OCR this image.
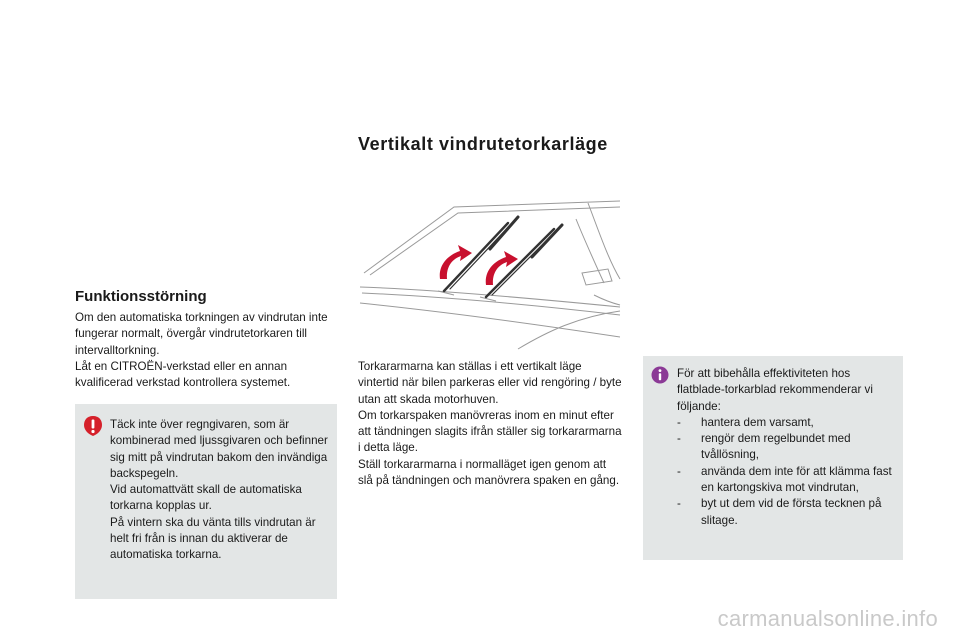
Vertikalt vindrutetorkarläge
Funktionsstörning

Om den automatiska torkningen av vindrutan inte fungerar normalt, övergår vindrutetorkaren till intervalltorkning.

Låt en CITROËN-verkstad eller en annan kvalificerad verkstad kontrollera systemet.

Täck inte över regngivaren, som är kombinerad med ljussgivaren och befinner sig mitt på vindrutan bakom den invändiga backspegeln.

Vid automattvätt skall de automatiska torkarna kopplas ur.

På vintern ska du vänta tills vindrutan är helt fri från is innan du aktiverar de automatiska torkarna.

Torkararmarna kan ställas i ett vertikalt läge vintertid när bilen parkeras eller vid rengöring / byte utan att skada motorhuven.

Om torkarspaken manövreras inom en minut efter att tändningen slagits ifrån ställer sig torkararmarna i detta läge.

Ställ torkararmarna i normalläget igen genom att slå på tändningen och manövrera spaken en gång.

För att bibehålla effektiviteten hos flatblade-torkarblad rekommenderar vi följande:

-	hantera dem varsamt,
-	rengör dem regelbundet med tvållösning,
-	använda dem inte för att klämma fast en kartongskiva mot vindrutan,
-	byt ut dem vid de första tecknen på slitage.
carmanualsonline.info
